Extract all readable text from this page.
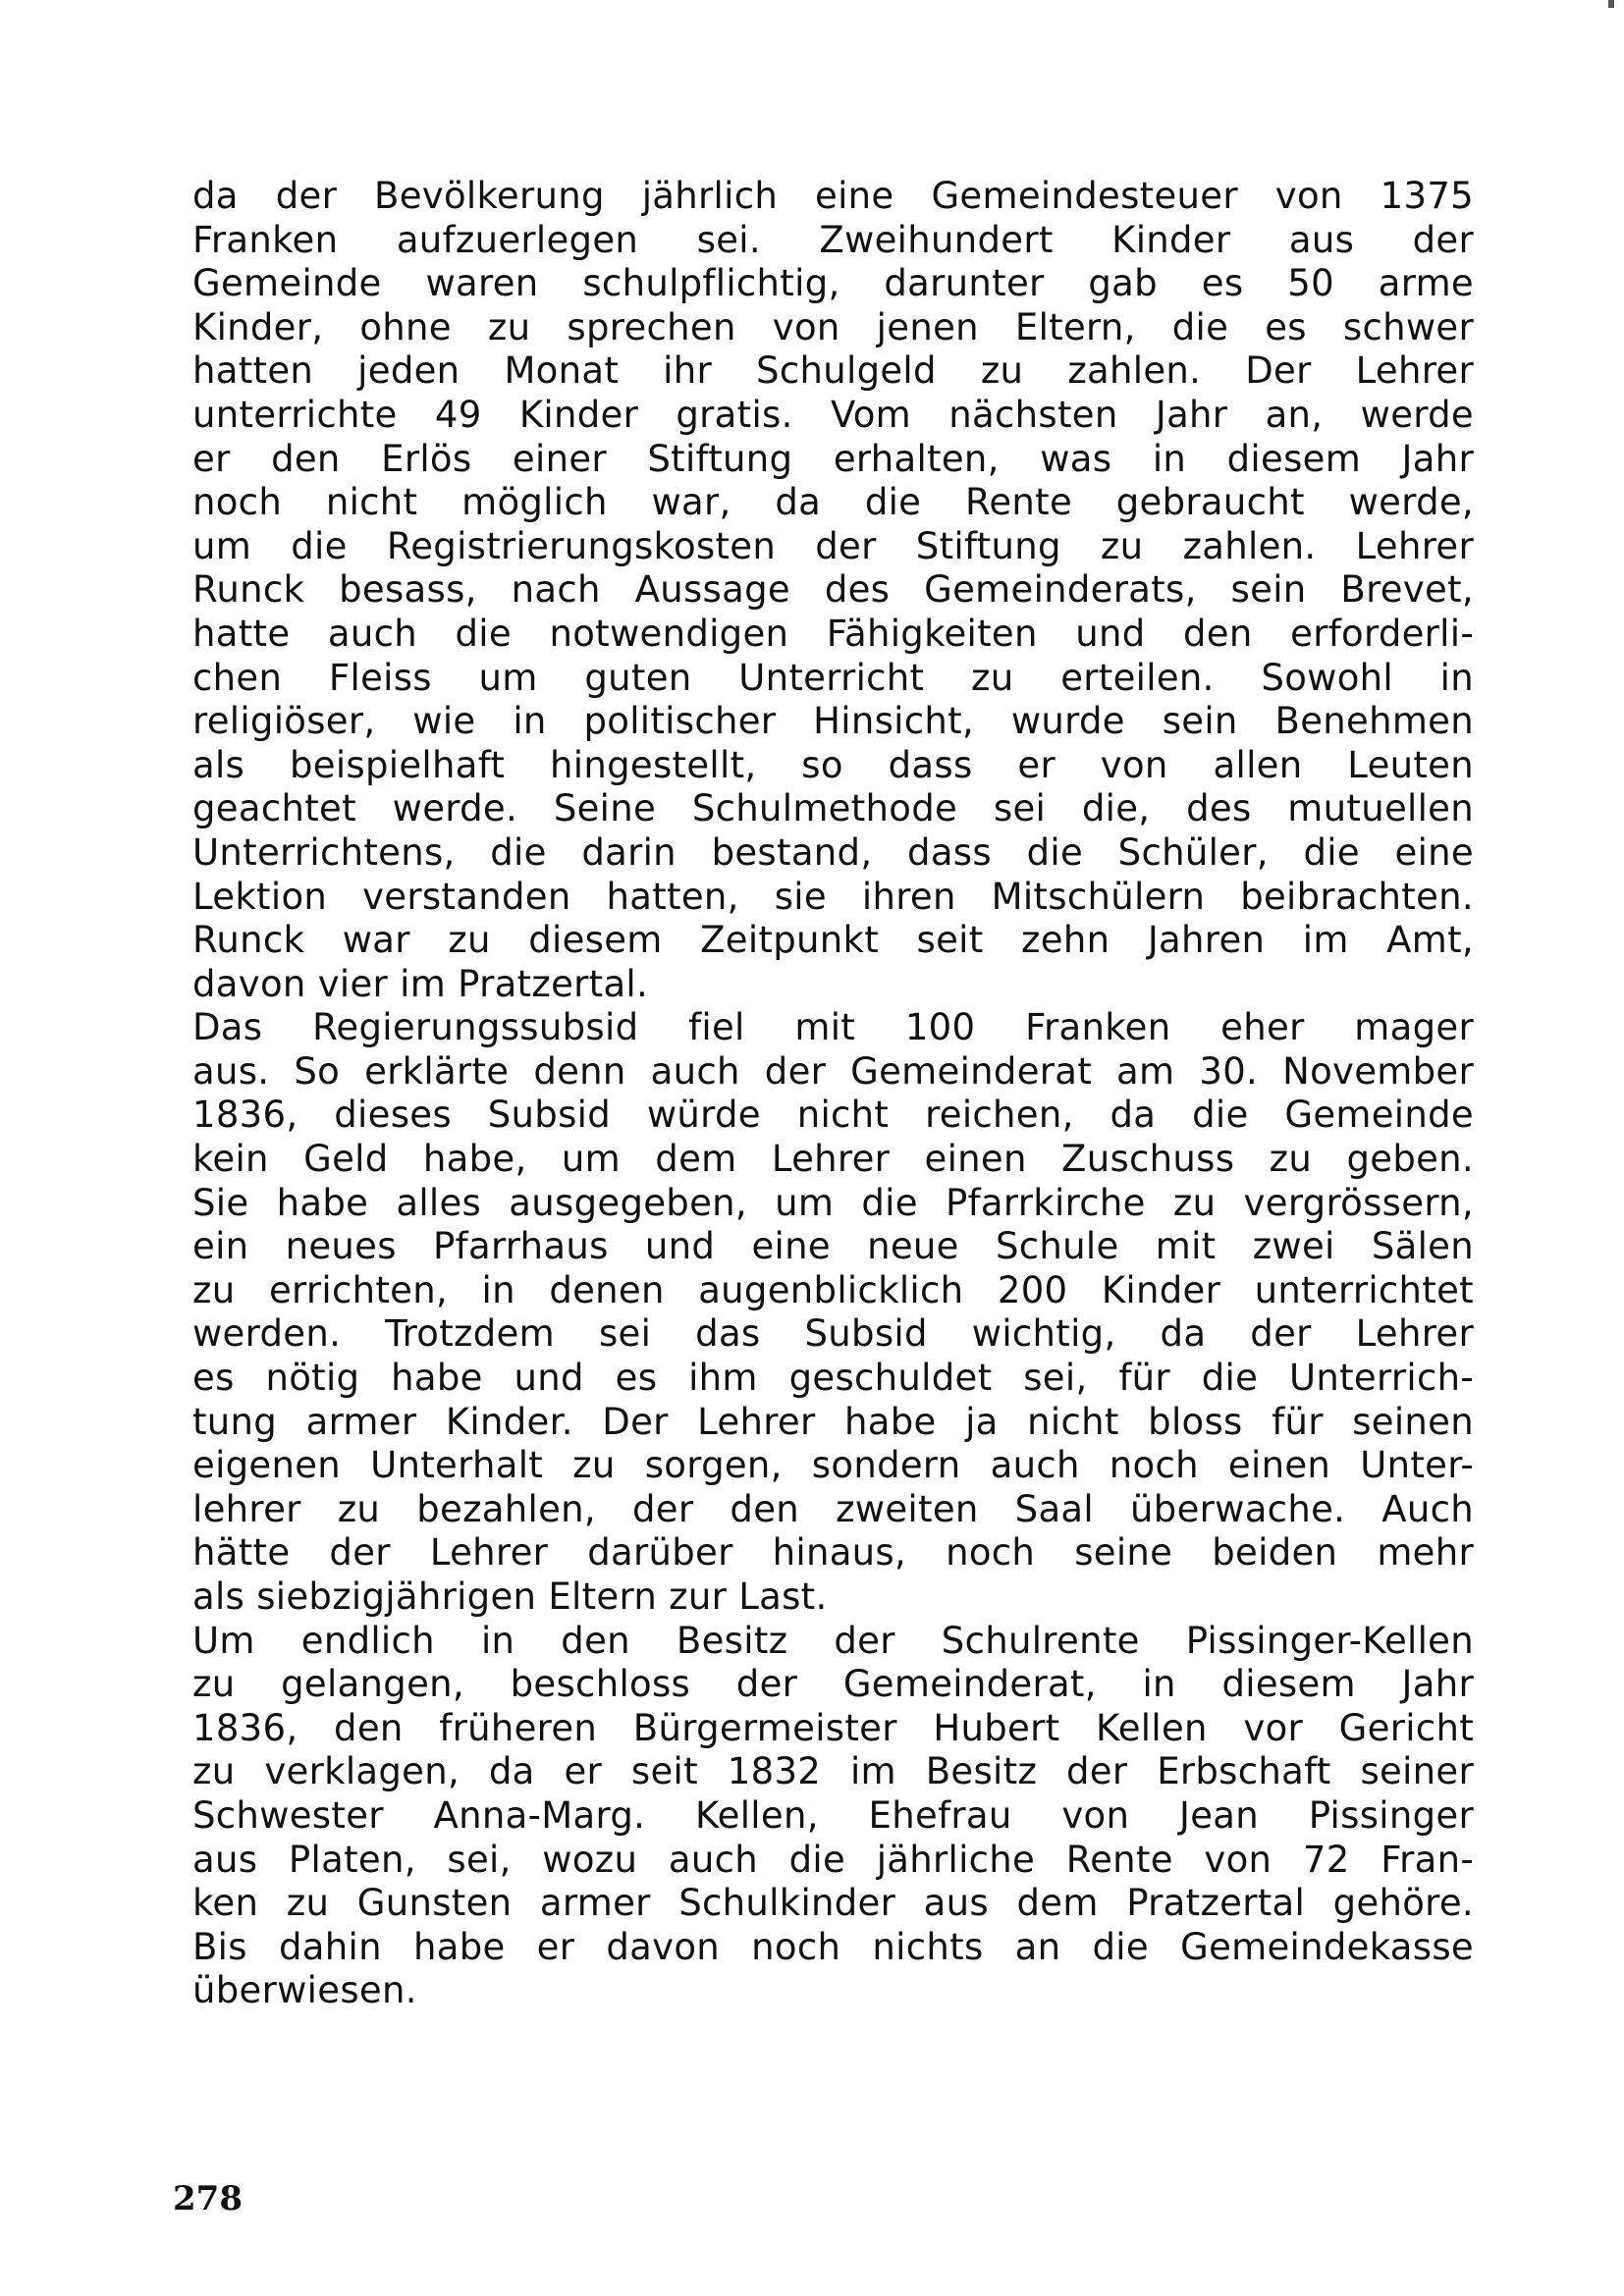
da der Bevölkerung jährlich eine Gemeindesteuer von 1375
Franken aufzuerlegen sei. Zweihundert Kinder aus der
Gemeinde waren schulpflichtig, darunter gab es 50 arme
Kinder, ohne zu sprechen von jenen Eltern, die es schwer
hatten jeden Monat ihr Schulgeld zu zahlen. Der Lehrer
unterrichte 49 Kinder gratis. Vom nächsten Jahr an, werde
er den Erlös einer Stiftung erhalten, was in diesem Jahr
noch nicht möglich war, da die Rente gebraucht werde,
um die Registrierungskosten der Stiftung zu zahlen. Lehrer
Runck besass, nach Aussage des Gemeinderats, sein Brevet,
hatte auch die notwendigen Fähigkeiten und den erforderli-
chen Fleiss um guten Unterricht zu erteilen. Sowohl in
religiöser, wie in politischer Hinsicht, wurde sein Benehmen
als beispielhaft hingestellt, so dass er von allen Leuten
geachtet werde. Seine Schulmethode sei die, des mutuellen
Unterrichtens, die darin bestand, dass die Schüler, die eine
Lektion verstanden hatten, sie ihren Mitschülern beibrachten.
Runck war zu diesem Zeitpunkt seit zehn Jahren im Amt,
davon vier im Pratzertal.
Das Regierungssubsid fiel mit 100 Franken eher mager
aus. So erklärte denn auch der Gemeinderat am 30. November
1836, dieses Subsid würde nicht reichen, da die Gemeinde
kein Geld habe, um dem Lehrer einen Zuschuss zu geben.
Sie habe alles ausgegeben, um die Pfarrkirche zu vergrössern,
ein neues Pfarrhaus und eine neue Schule mit zwei Sälen
zu errichten, in denen augenblicklich 200 Kinder unterrichtet
werden. Trotzdem sei das Subsid wichtig, da der Lehrer
es nötig habe und es ihm geschuldet sei, für die Unterrich-
tung armer Kinder. Der Lehrer habe ja nicht bloss für seinen
eigenen Unterhalt zu sorgen, sondern auch noch einen Unter-
lehrer zu bezahlen, der den zweiten Saal überwache. Auch
hätte der Lehrer darüber hinaus, noch seine beiden mehr
als siebzigjährigen Eltern zur Last.
Um endlich in den Besitz der Schulrente Pissinger-Kellen
zu gelangen, beschloss der Gemeinderat, in diesem Jahr
1836, den früheren Bürgermeister Hubert Kellen vor Gericht
zu verklagen, da er seit 1832 im Besitz der Erbschaft seiner
Schwester Anna-Marg. Kellen, Ehefrau von Jean Pissinger
aus Platen, sei, wozu auch die jährliche Rente von 72 Fran-
ken zu Gunsten armer Schulkinder aus dem Pratzertal gehöre.
Bis dahin habe er davon noch nichts an die Gemeindekasse
überwiesen.
278
